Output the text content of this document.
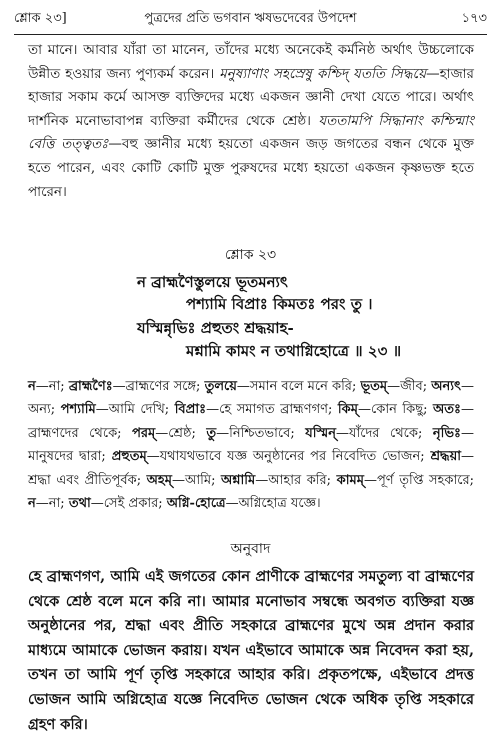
শ্লোক ২৩]	পুত্রদের প্রতি ভগবান ঋষভদেবের উপদেশ	১৭৩
তা মানে। আবার যাঁরা তা মানেন, তাঁদের মধ্যে অনেকেই কর্মনিষ্ঠ অর্থাৎ উচ্চলোকে উন্নীত হওয়ার জন্য পুণ্যকর্ম করেন। মনুষ্যাণাং সহস্রেষু কশ্চিদ্ যততি সিদ্ধয়ে—হাজার হাজার সকাম কর্মে আসক্ত ব্যক্তিদের মধ্যে একজন জ্ঞানী দেখা যেতে পারে। অর্থাৎ দার্শনিক মনোভাবাপন্ন ব্যক্তিরা কর্মীদের থেকে শ্রেষ্ঠ। যততামপি সিদ্ধানাং কশ্চিন্মাং বেত্তি তত্ত্বতঃ—বহু জ্ঞানীর মধ্যে হয়তো একজন জড় জগতের বন্ধন থেকে মুক্ত হতে পারেন, এবং কোটি কোটি মুক্ত পুরুষদের মধ্যে হয়তো একজন কৃষ্ণভক্ত হতে পারেন।
শ্লোক ২৩
ন ব্রাহ্মণৈস্তুলয়ে ভূতমন্যৎ
পশ্যামি বিপ্রাঃ কিমতঃ পরং তু ।
যস্মিন্নৃভিঃ প্রহুতং শ্রদ্ধয়াহ-
মশ্নামি কামং ন তথাগ্নিহোত্রে ॥ ২৩ ॥
ন—না; ব্রাহ্মণৈঃ—ব্রাহ্মণের সঙ্গে; তুলয়ে—সমান বলে মনে করি; ভূতম্—জীব; অন্যৎ—অন্য; পশ্যামি—আমি দেখি; বিপ্রাঃ—হে সমাগত ব্রাহ্মণগণ; কিম্—কোন কিছু; অতঃ—ব্রাহ্মণদের থেকে; পরম্—শ্রেষ্ঠ; তু—নিশ্চিতভাবে; যস্মিন্—যাঁদের থেকে; নৃভিঃ—মানুষদের দ্বারা; প্রহুতম্—যথাযথভাবে যজ্ঞ অনুষ্ঠানের পর নিবেদিত ভোজন; শ্রদ্ধয়া—শ্রদ্ধা এবং প্রীতিপূর্বক; অহম্—আমি; অশ্নামি—আহার করি; কামম্—পূর্ণ তৃপ্তি সহকারে; ন—না; তথা—সেই প্রকার; অগ্নি-হোত্রে—অগ্নিহোত্র যজ্ঞে।
অনুবাদ
হে ব্রাহ্মণগণ, আমি এই জগতের কোন প্রাণীকে ব্রাহ্মণের সমতুল্য বা ব্রাহ্মণের থেকে শ্রেষ্ঠ বলে মনে করি না। আমার মনোভাব সম্বন্ধে অবগত ব্যক্তিরা যজ্ঞ অনুষ্ঠানের পর, শ্রদ্ধা এবং প্রীতি সহকারে ব্রাহ্মণের মুখে অন্ন প্রদান করার মাধ্যমে আমাকে ভোজন করায়। যখন এইভাবে আমাকে অন্ন নিবেদন করা হয়, তখন তা আমি পূর্ণ তৃপ্তি সহকারে আহার করি। প্রকৃতপক্ষে, এইভাবে প্রদত্ত ভোজন আমি অগ্নিহোত্র যজ্ঞে নিবেদিত ভোজন থেকে অধিক তৃপ্তি সহকারে গ্রহণ করি।
